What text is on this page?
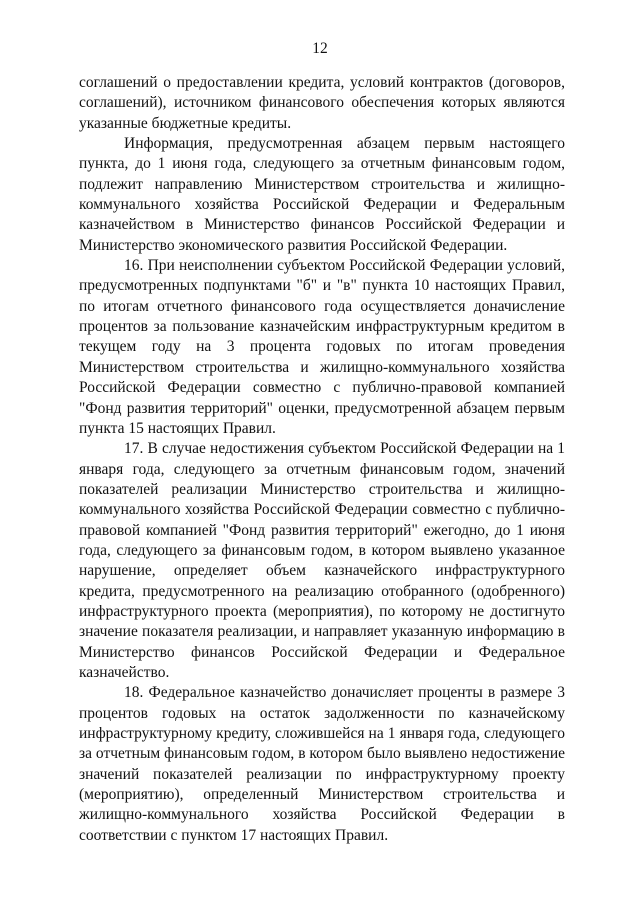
12

соглашений о предоставлении кредита, условий контрактов (договоров, соглашений), источником финансового обеспечения которых являются указанные бюджетные кредиты.

Информация, предусмотренная абзацем первым настоящего пункта, до 1 июня года, следующего за отчетным финансовым годом, подлежит направлению Министерством строительства и жилищно-коммунального хозяйства Российской Федерации и Федеральным казначейством в Министерство финансов Российской Федерации и Министерство экономического развития Российской Федерации.

16. При неисполнении субъектом Российской Федерации условий, предусмотренных подпунктами "б" и "в" пункта 10 настоящих Правил, по итогам отчетного финансового года осуществляется доначисление процентов за пользование казначейским инфраструктурным кредитом в текущем году на 3 процента годовых по итогам проведения Министерством строительства и жилищно-коммунального хозяйства Российской Федерации совместно с публично-правовой компанией "Фонд развития территорий" оценки, предусмотренной абзацем первым пункта 15 настоящих Правил.

17. В случае недостижения субъектом Российской Федерации на 1 января года, следующего за отчетным финансовым годом, значений показателей реализации Министерство строительства и жилищно-коммунального хозяйства Российской Федерации совместно с публично-правовой компанией "Фонд развития территорий" ежегодно, до 1 июня года, следующего за финансовым годом, в котором выявлено указанное нарушение, определяет объем казначейского инфраструктурного кредита, предусмотренного на реализацию отобранного (одобренного) инфраструктурного проекта (мероприятия), по которому не достигнуто значение показателя реализации, и направляет указанную информацию в Министерство финансов Российской Федерации и Федеральное казначейство.

18. Федеральное казначейство доначисляет проценты в размере 3 процентов годовых на остаток задолженности по казначейскому инфраструктурному кредиту, сложившейся на 1 января года, следующего за отчетным финансовым годом, в котором было выявлено недостижение значений показателей реализации по инфраструктурному проекту (мероприятию), определенный Министерством строительства и жилищно-коммунального хозяйства Российской Федерации в соответствии с пунктом 17 настоящих Правил.
